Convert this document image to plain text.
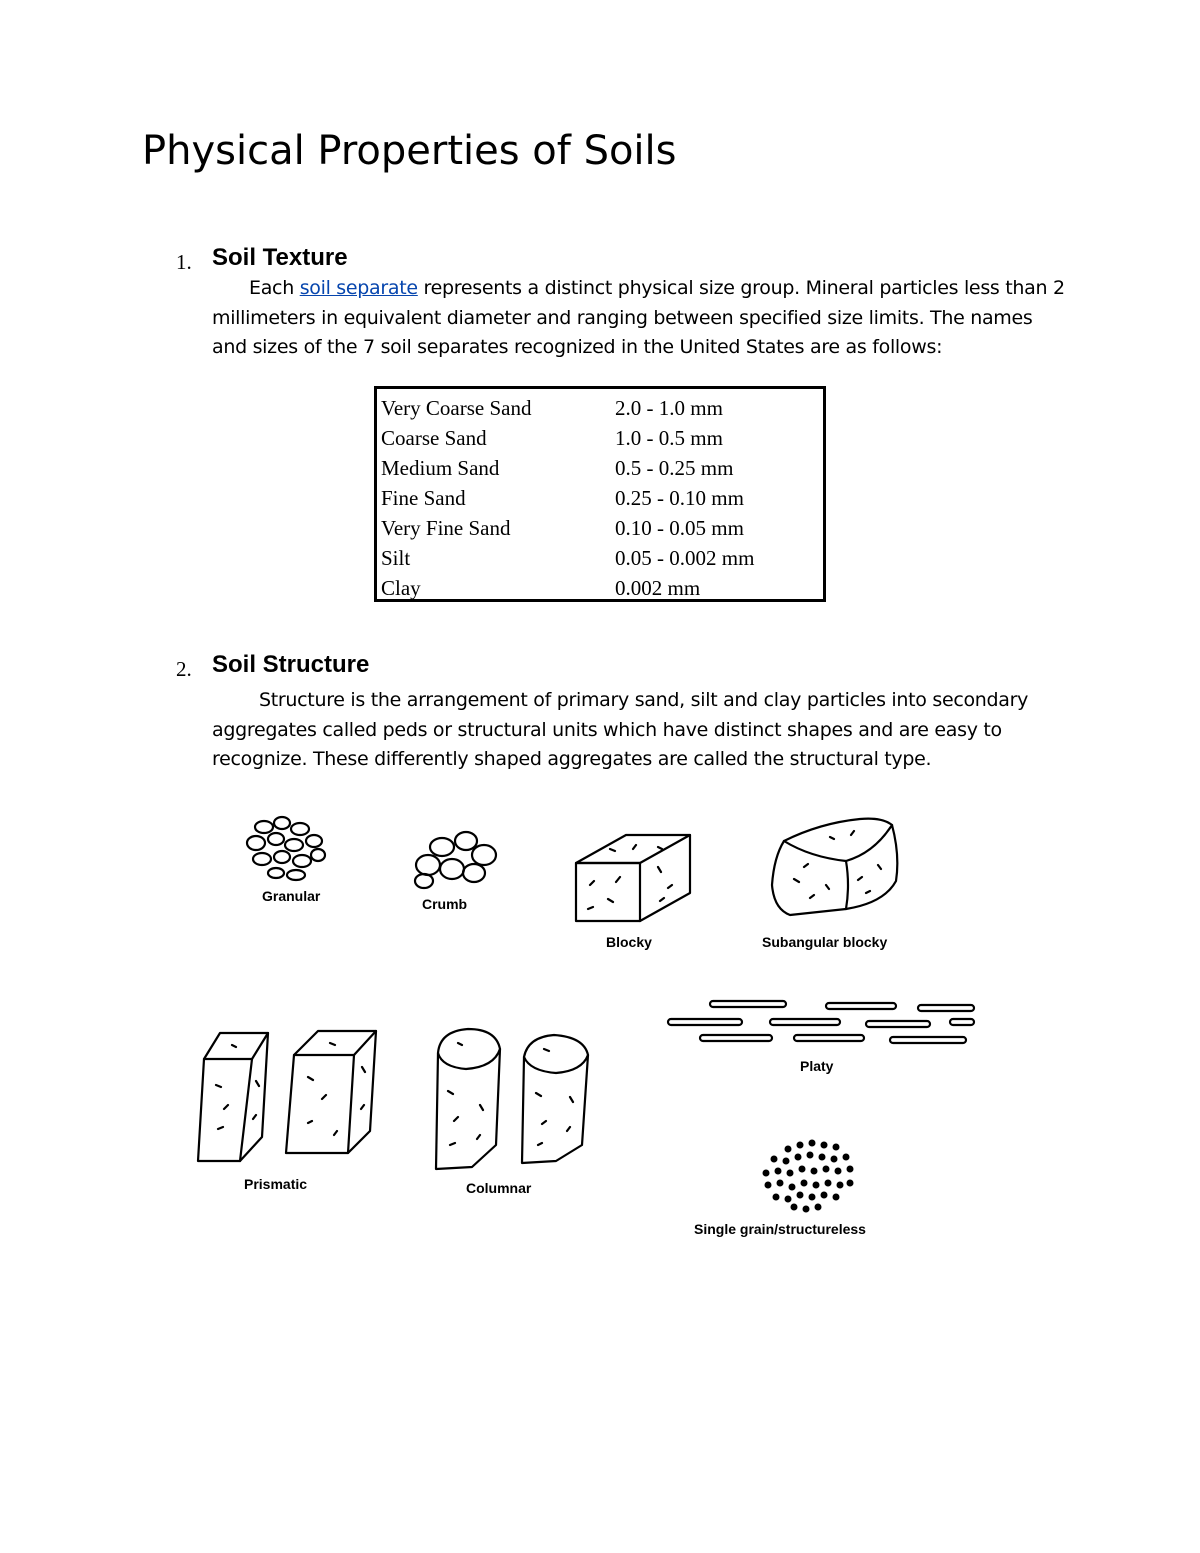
Physical Properties of Soils
1. Soil Texture

Each soil separate represents a distinct physical size group. Mineral particles less than 2 millimeters in equivalent diameter and ranging between specified size limits. The names and sizes of the 7 soil separates recognized in the United States are as follows:

Very Coarse Sand	2.0 - 1.0 mm
Coarse Sand	1.0 - 0.5 mm
Medium Sand	0.5 - 0.25 mm
Fine Sand	0.25 - 0.10 mm
Very Fine Sand	0.10 - 0.05 mm
Silt	0.05 - 0.002 mm
Clay	0.002 mm
2. Soil Structure

Structure is the arrangement of primary sand, silt and clay particles into secondary aggregates called peds or structural units which have distinct shapes and are easy to recognize. These differently shaped aggregates are called the structural type.

Granular	Crumb
Blocky	Subangular blocky
Platy
Prismatic	Columnar
Single grain/structureless
